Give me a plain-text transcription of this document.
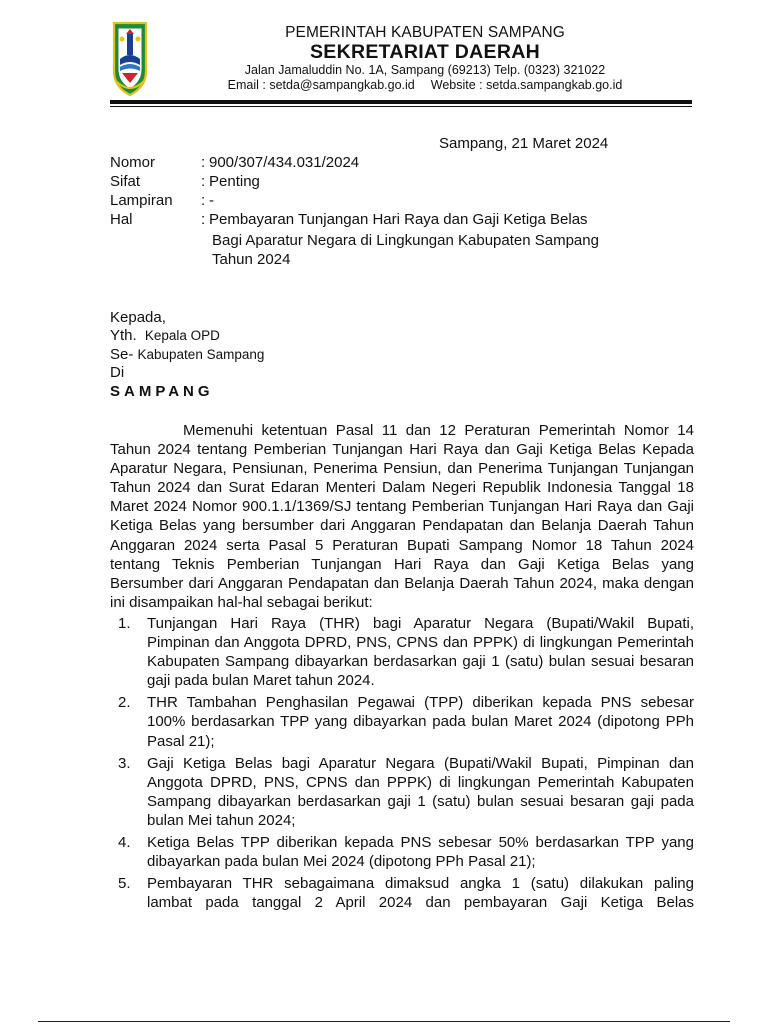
PEMERINTAH KABUPATEN SAMPANG
SEKRETARIAT DAERAH
Jalan Jamaluddin No. 1A, Sampang (69213) Telp. (0323) 321022
Email : setda@sampangkab.go.id Website : setda.sampangkab.go.id
Sampang, 21 Maret 2024
Nomor	: 900/307/434.031/2024
Sifat	: Penting
Lampiran : -
Hal	: Pembayaran Tunjangan Hari Raya dan Gaji Ketiga Belas
Bagi Aparatur Negara di Lingkungan Kabupaten Sampang
Tahun 2024
Kepada,
Yth. Kepala OPD
Se- Kabupaten Sampang
Di
SAMPANG

Memenuhi ketentuan Pasal 11 dan 12 Peraturan Pemerintah Nomor 14

Tahun 2024 tentang Pemberian Tunjangan Hari Raya dan Gaji Ketiga Belas Kepada

Aparatur Negara, Pensiunan, Penerima Pensiun, dan Penerima Tunjangan Tunjangan

Tahun 2024 dan Surat Edaran Menteri Dalam Negeri Republik Indonesia Tanggal 18

Maret 2024 Nomor 900.1.1/1369/SJ tentang Pemberian Tunjangan Hari Raya dan Gaji

Ketiga Belas yang bersumber dari Anggaran Pendapatan dan Belanja Daerah Tahun

Anggaran 2024 serta Pasal 5 Peraturan Bupati Sampang Nomor 18 Tahun 2024

tentang Teknis Pemberian Tunjangan Hari Raya dan Gaji Ketiga Belas yang

Bersumber dari Anggaran Pendapatan dan Belanja Daerah Tahun 2024, maka dengan

ini disampaikan hal-hal sebagai berikut:

1. Tunjangan Hari Raya (THR) bagi Aparatur Negara (Bupati/Wakil Bupati,

Pimpinan dan Anggota DPRD, PNS, CPNS dan PPPK) di lingkungan Pemerintah

Kabupaten Sampang dibayarkan berdasarkan gaji 1 (satu) bulan sesuai besaran

gaji pada bulan Maret tahun 2024.

2. THR Tambahan Penghasilan Pegawai (TPP) diberikan kepada PNS sebesar

100% berdasarkan TPP yang dibayarkan pada bulan Maret 2024 (dipotong PPh

Pasal 21);

3. Gaji Ketiga Belas bagi Aparatur Negara (Bupati/Wakil Bupati, Pimpinan dan

Anggota DPRD, PNS, CPNS dan PPPK) di lingkungan Pemerintah Kabupaten

Sampang dibayarkan berdasarkan gaji 1 (satu) bulan sesuai besaran gaji pada

bulan Mei tahun 2024;

4. Ketiga Belas TPP diberikan kepada PNS sebesar 50% berdasarkan TPP yang

dibayarkan pada bulan Mei 2024 (dipotong PPh Pasal 21);

5. Pembayaran THR sebagaimana dimaksud angka 1 (satu) dilakukan paling

lambat pada tanggal 2 April 2024 dan pembayaran Gaji Ketiga Belas
